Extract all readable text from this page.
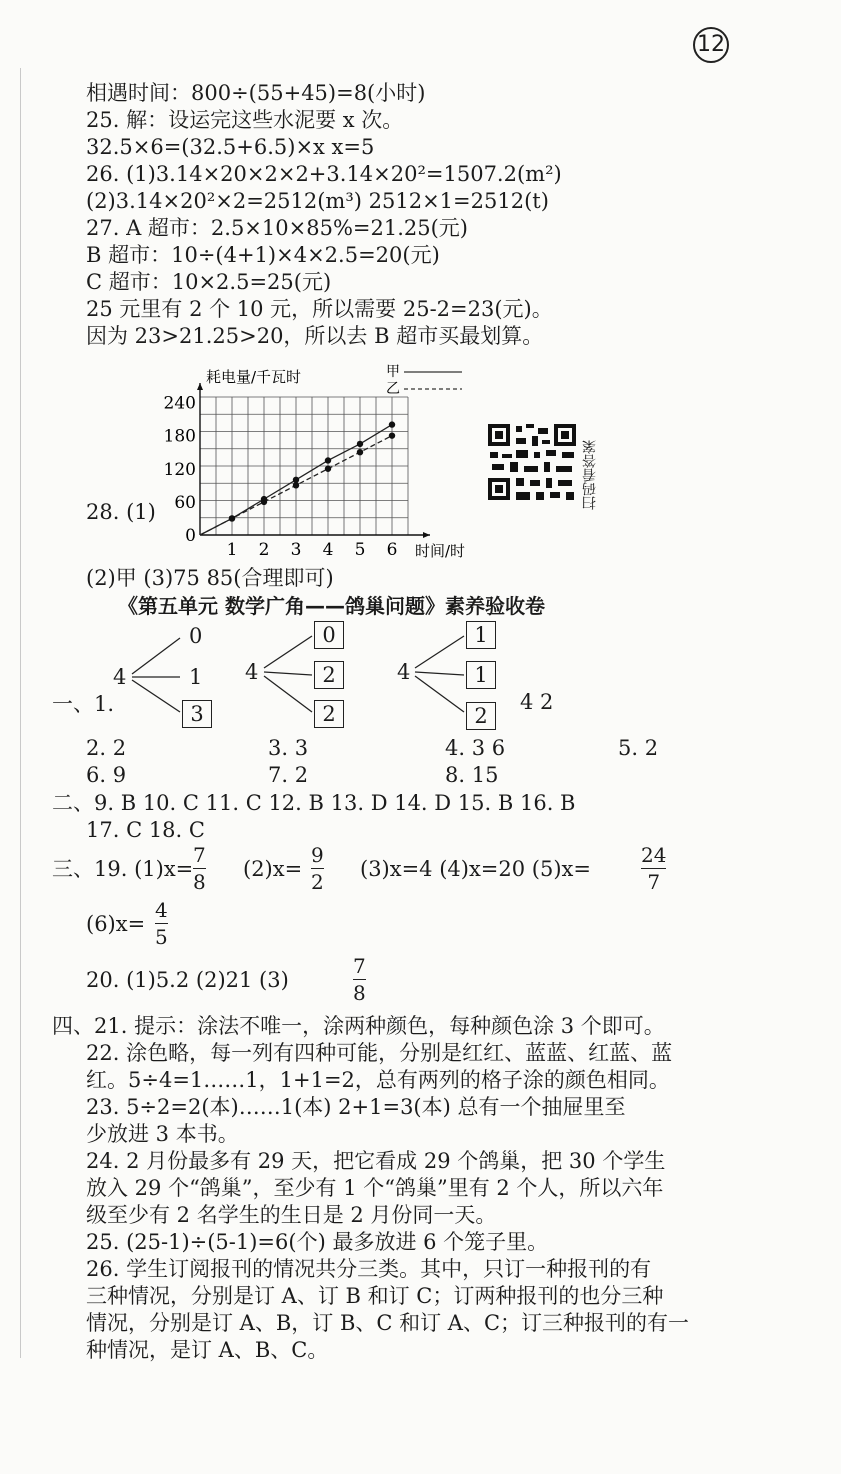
12
相遇时间：800÷(55+45)=8(小时)
25. 解：设运完这些水泥要 x 次。
32.5×6=(32.5+6.5)×x x=5
26. (1)3.14×20×2×2+3.14×20²=1507.2(m²)
(2)3.14×20²×2=2512(m³) 2512×1=2512(t)
27. A 超市：2.5×10×85%=21.25(元)
B 超市：10÷(4+1)×4×2.5=20(元)
C 超市：10×2.5=25(元)
25 元里有 2 个 10 元，所以需要 25-2=23(元)。
因为 23>21.25>20，所以去 B 超市买最划算。
1 2 3 4 5 6
0
60
120
180
240
甲
乙
耗电量/千瓦时
时间/时
28. (1)
扫码看答案
(2)甲 (3)75 85(合理即可)
《第五单元 数学广角——鸽巢问题》素养验收卷
4
0
1
3
4
0
2
2
4
1
1
2
4 2
一、1.
2. 2	3. 3	4. 3 6	5. 2
6. 9	7. 2	8. 15
二、9. B 10. C 11. C 12. B 13. D 14. D 15. B 16. B
17. C 18. C
三、19. (1)x=
7
8
(2)x=
9
2
(3)x=4 (4)x=20 (5)x=
24
7
(6)x=
4
5
20. (1)5.2 (2)21 (3)
7
8
四、21. 提示：涂法不唯一，涂两种颜色，每种颜色涂 3 个即可。
22. 涂色略，每一列有四种可能，分别是红红、蓝蓝、红蓝、蓝
红。5÷4=1……1，1+1=2，总有两列的格子涂的颜色相同。
23. 5÷2=2(本)……1(本) 2+1=3(本) 总有一个抽屉里至
少放进 3 本书。
24. 2 月份最多有 29 天，把它看成 29 个鸽巢，把 30 个学生
放入 29 个“鸽巢”，至少有 1 个“鸽巢”里有 2 个人，所以六年
级至少有 2 名学生的生日是 2 月份同一天。
25. (25-1)÷(5-1)=6(个) 最多放进 6 个笼子里。
26. 学生订阅报刊的情况共分三类。其中，只订一种报刊的有
三种情况，分别是订 A、订 B 和订 C；订两种报刊的也分三种
情况，分别是订 A、B，订 B、C 和订 A、C；订三种报刊的有一
种情况，是订 A、B、C。
